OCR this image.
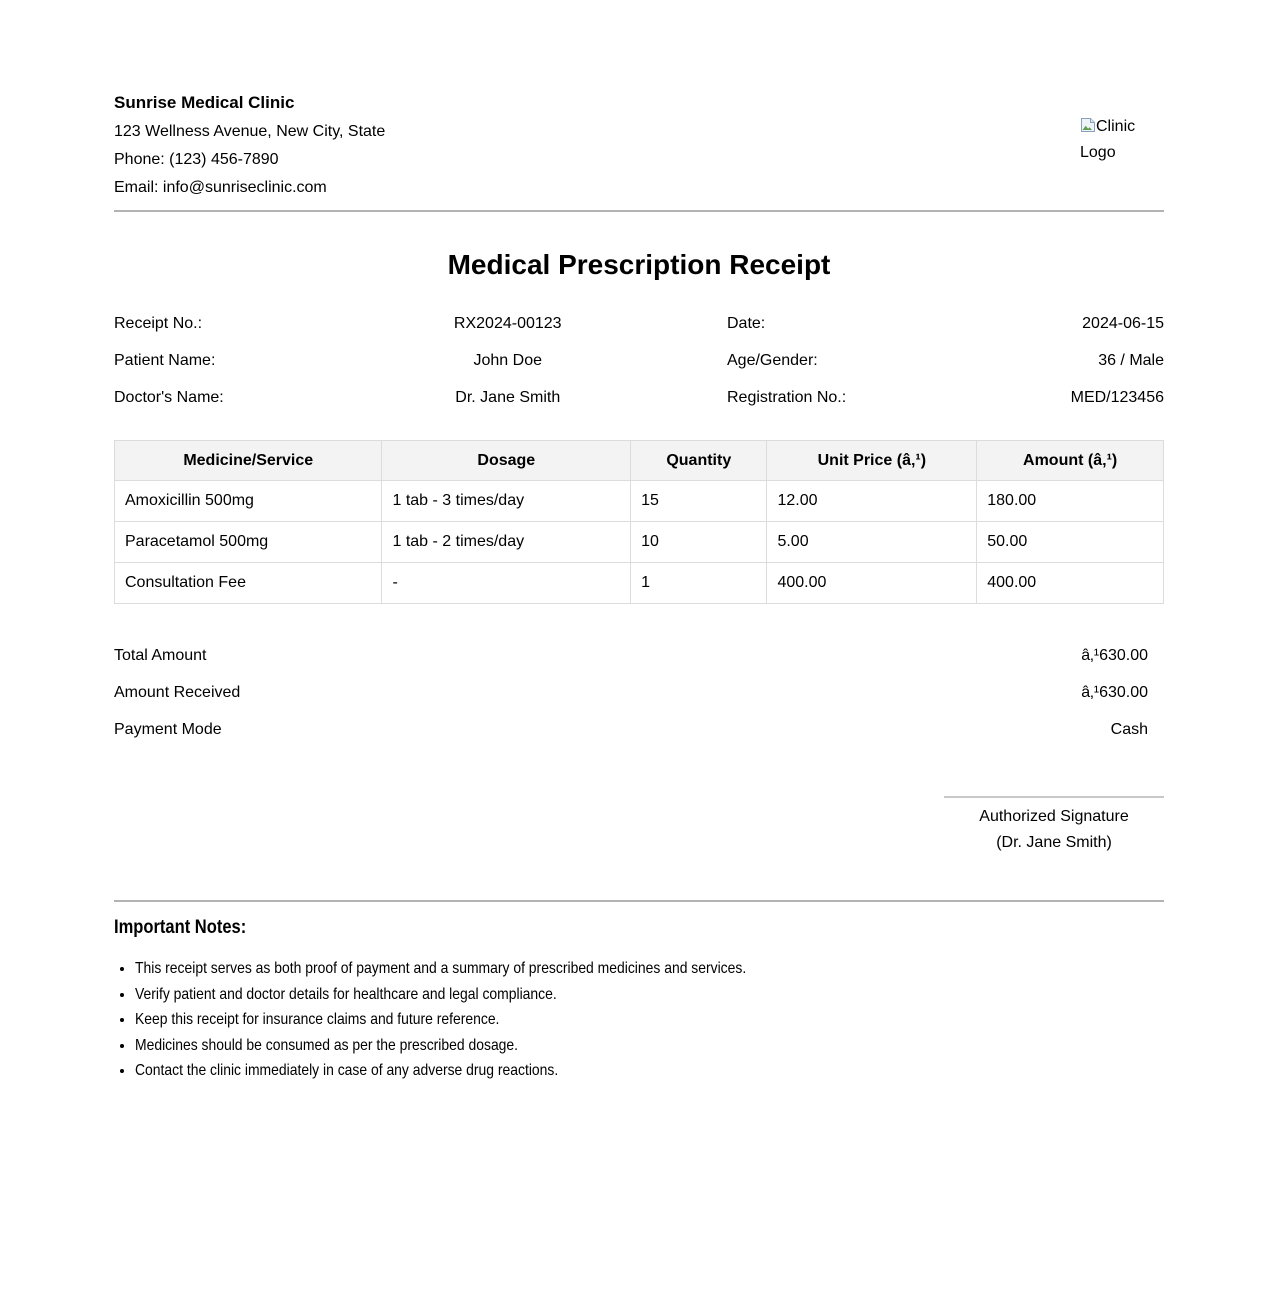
Sunrise Medical Clinic
123 Wellness Avenue, New City, State
Phone: (123) 456-7890
Email: info@sunriseclinic.com
Clinic Logo
Medical Prescription Receipt
Receipt No.:	RX2024-00123	Date:	2024-06-15
Patient Name:	John Doe	Age/Gender:	36 / Male
Doctor's Name:	Dr. Jane Smith	Registration No.:	MED/123456
Medicine/Service	Dosage	Quantity	Unit Price (â‚¹)	Amount (â‚¹)
Amoxicillin 500mg	1 tab - 3 times/day	15	12.00	180.00
Paracetamol 500mg	1 tab - 2 times/day	10	5.00	50.00
Consultation Fee	-	1	400.00	400.00
Total Amount	â‚¹630.00
Amount Received	â‚¹630.00
Payment Mode	Cash
Authorized Signature
(Dr. Jane Smith)

Important Notes:

• This receipt serves as both proof of payment and a summary of prescribed medicines and services.
• Verify patient and doctor details for healthcare and legal compliance.
• Keep this receipt for insurance claims and future reference.
• Medicines should be consumed as per the prescribed dosage.
• Contact the clinic immediately in case of any adverse drug reactions.
